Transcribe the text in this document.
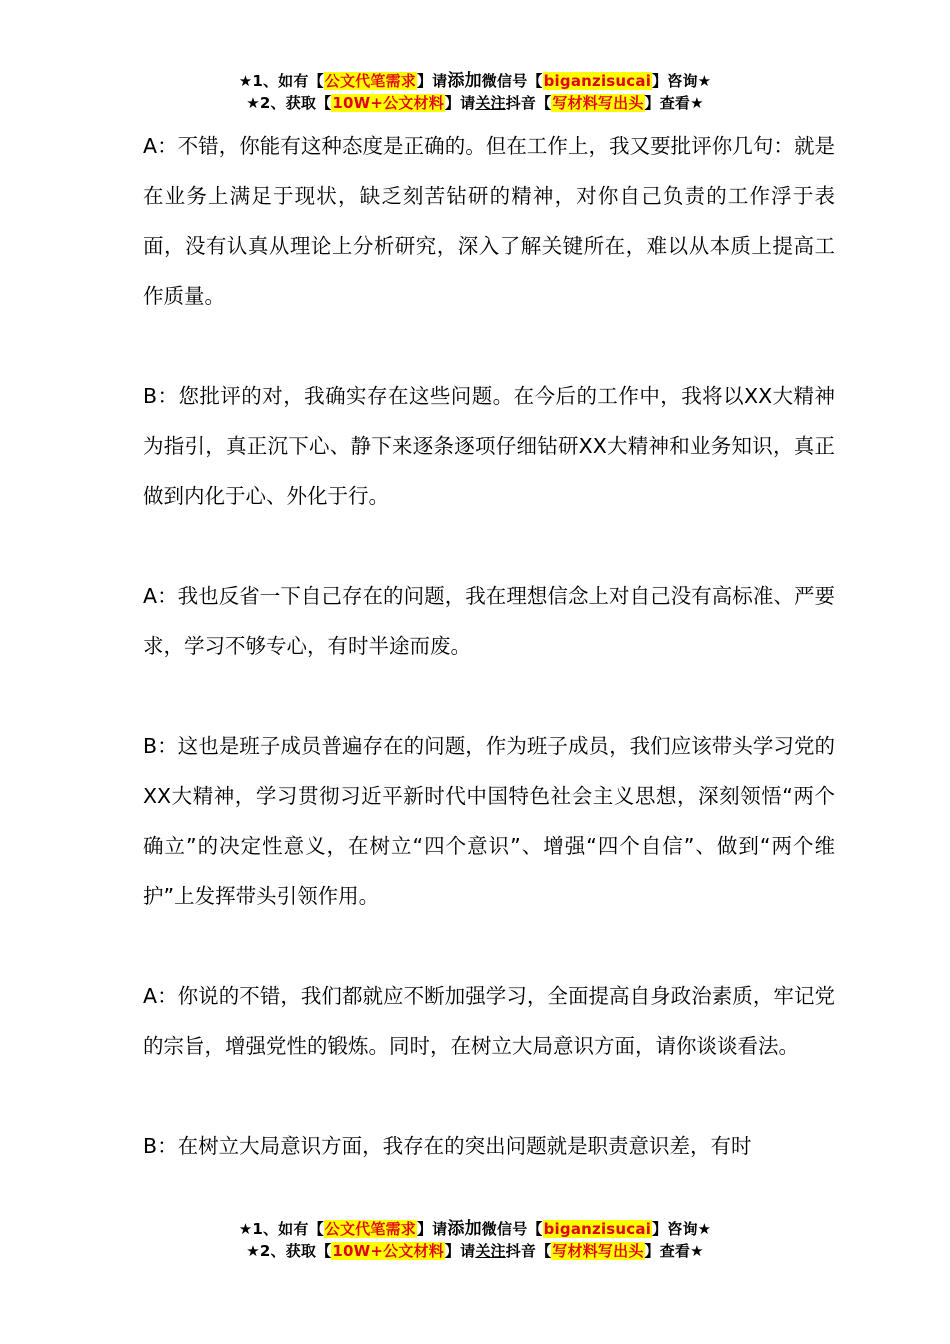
★1、如有【公文代笔需求】请添加微信号【biganzisucai】咨询★
★2、获取【10W+公文材料】请关注抖音【写材料写出头】查看★

A：不错，你能有这种态度是正确的。但在工作上，我又要批评你几句：就是在业务上满足于现状，缺乏刻苦钻研的精神，对你自己负责的工作浮于表面，没有认真从理论上分析研究，深入了解关键所在，难以从本质上提高工作质量。

B：您批评的对，我确实存在这些问题。在今后的工作中，我将以XX大精神为指引，真正沉下心、静下来逐条逐项仔细钻研XX大精神和业务知识，真正做到内化于心、外化于行。

A：我也反省一下自己存在的问题，我在理想信念上对自己没有高标准、严要求，学习不够专心，有时半途而废。

B：这也是班子成员普遍存在的问题，作为班子成员，我们应该带头学习党的XX大精神，学习贯彻习近平新时代中国特色社会主义思想，深刻领悟“两个确立”的决定性意义，在树立“四个意识”、增强“四个自信”、做到“两个维护”上发挥带头引领作用。

A：你说的不错，我们都就应不断加强学习，全面提高自身政治素质，牢记党的宗旨，增强党性的锻炼。同时，在树立大局意识方面，请你谈谈看法。

B：在树立大局意识方面，我存在的突出问题就是职责意识差，有时

★1、如有【公文代笔需求】请添加微信号【biganzisucai】咨询★
★2、获取【10W+公文材料】请关注抖音【写材料写出头】查看★
